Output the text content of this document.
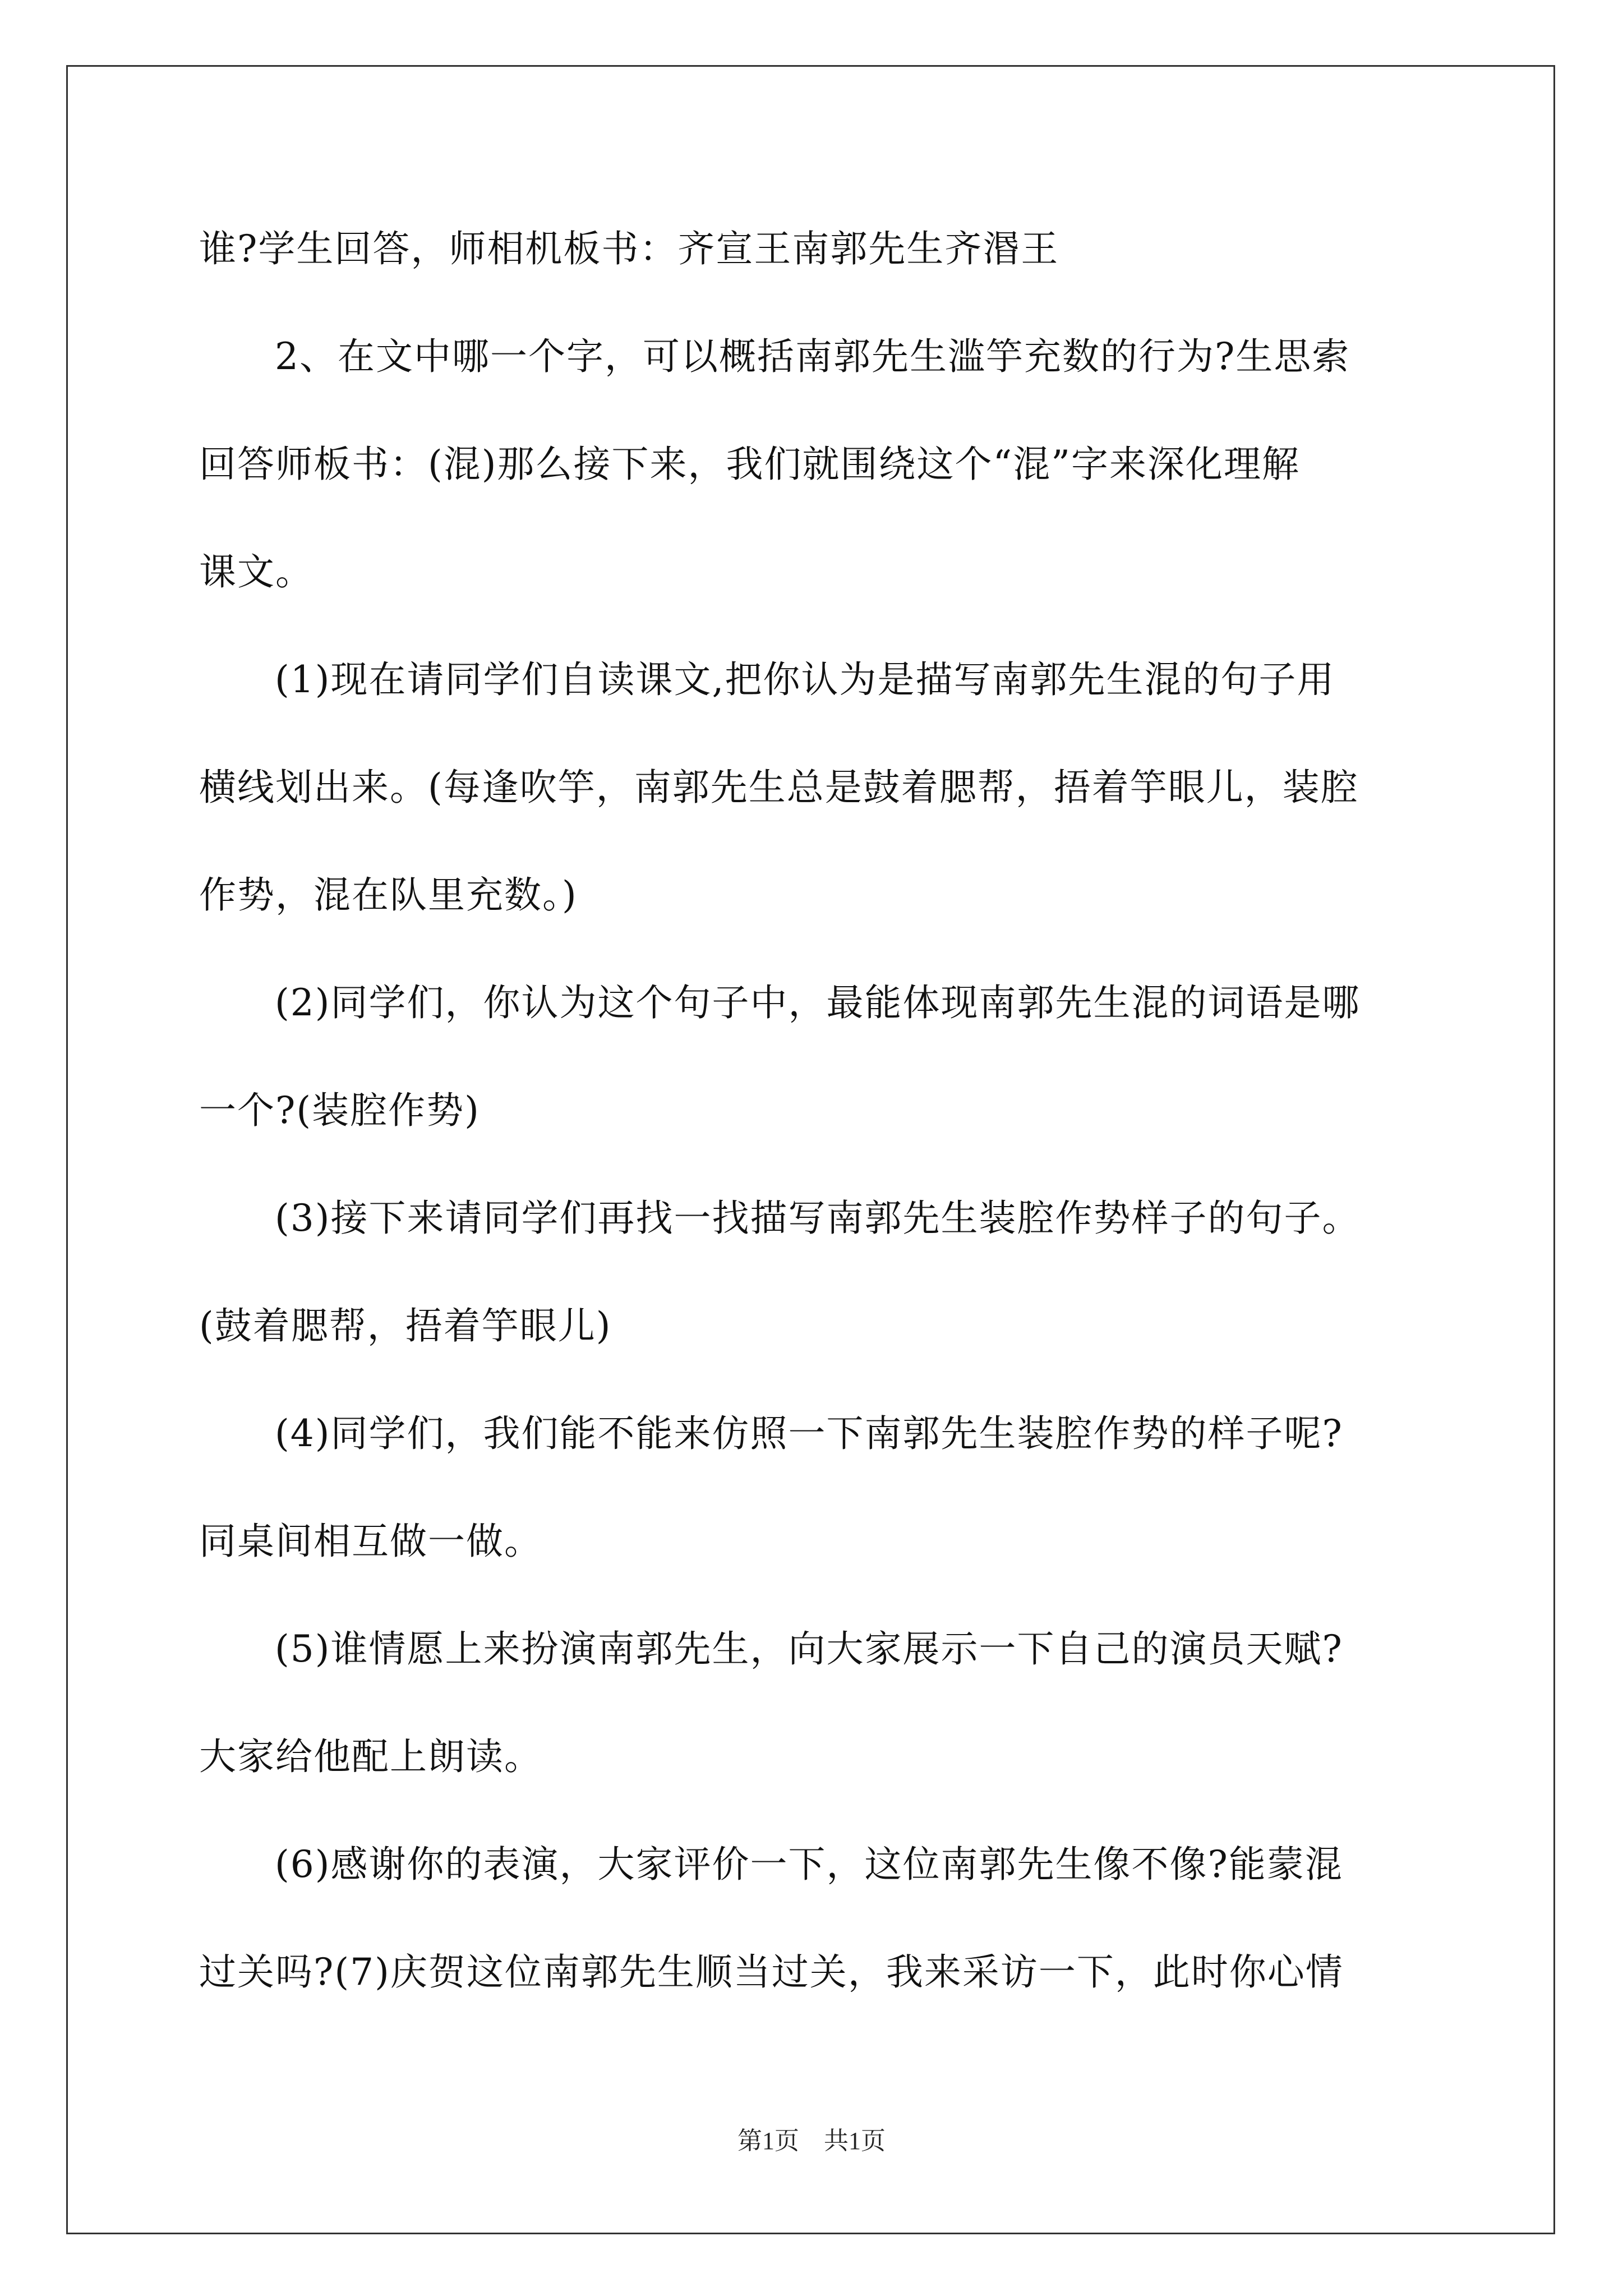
谁?学生回答，师相机板书：齐宣王南郭先生齐湣王
2、在文中哪一个字，可以概括南郭先生滥竽充数的行为?生思索
回答师板书：(混)那么接下来，我们就围绕这个“混”字来深化理解
课文。
(1)现在请同学们自读课文,把你认为是描写南郭先生混的句子用
横线划出来。(每逢吹竽，南郭先生总是鼓着腮帮，捂着竽眼儿，装腔
作势，混在队里充数。)
(2)同学们，你认为这个句子中，最能体现南郭先生混的词语是哪
一个?(装腔作势)
(3)接下来请同学们再找一找描写南郭先生装腔作势样子的句子。
(鼓着腮帮，捂着竽眼儿)
(4)同学们，我们能不能来仿照一下南郭先生装腔作势的样子呢?
同桌间相互做一做。
(5)谁情愿上来扮演南郭先生，向大家展示一下自己的演员天赋?
大家给他配上朗读。
(6)感谢你的表演，大家评价一下，这位南郭先生像不像?能蒙混
过关吗?(7)庆贺这位南郭先生顺当过关，我来采访一下，此时你心情
第1页　共1页
